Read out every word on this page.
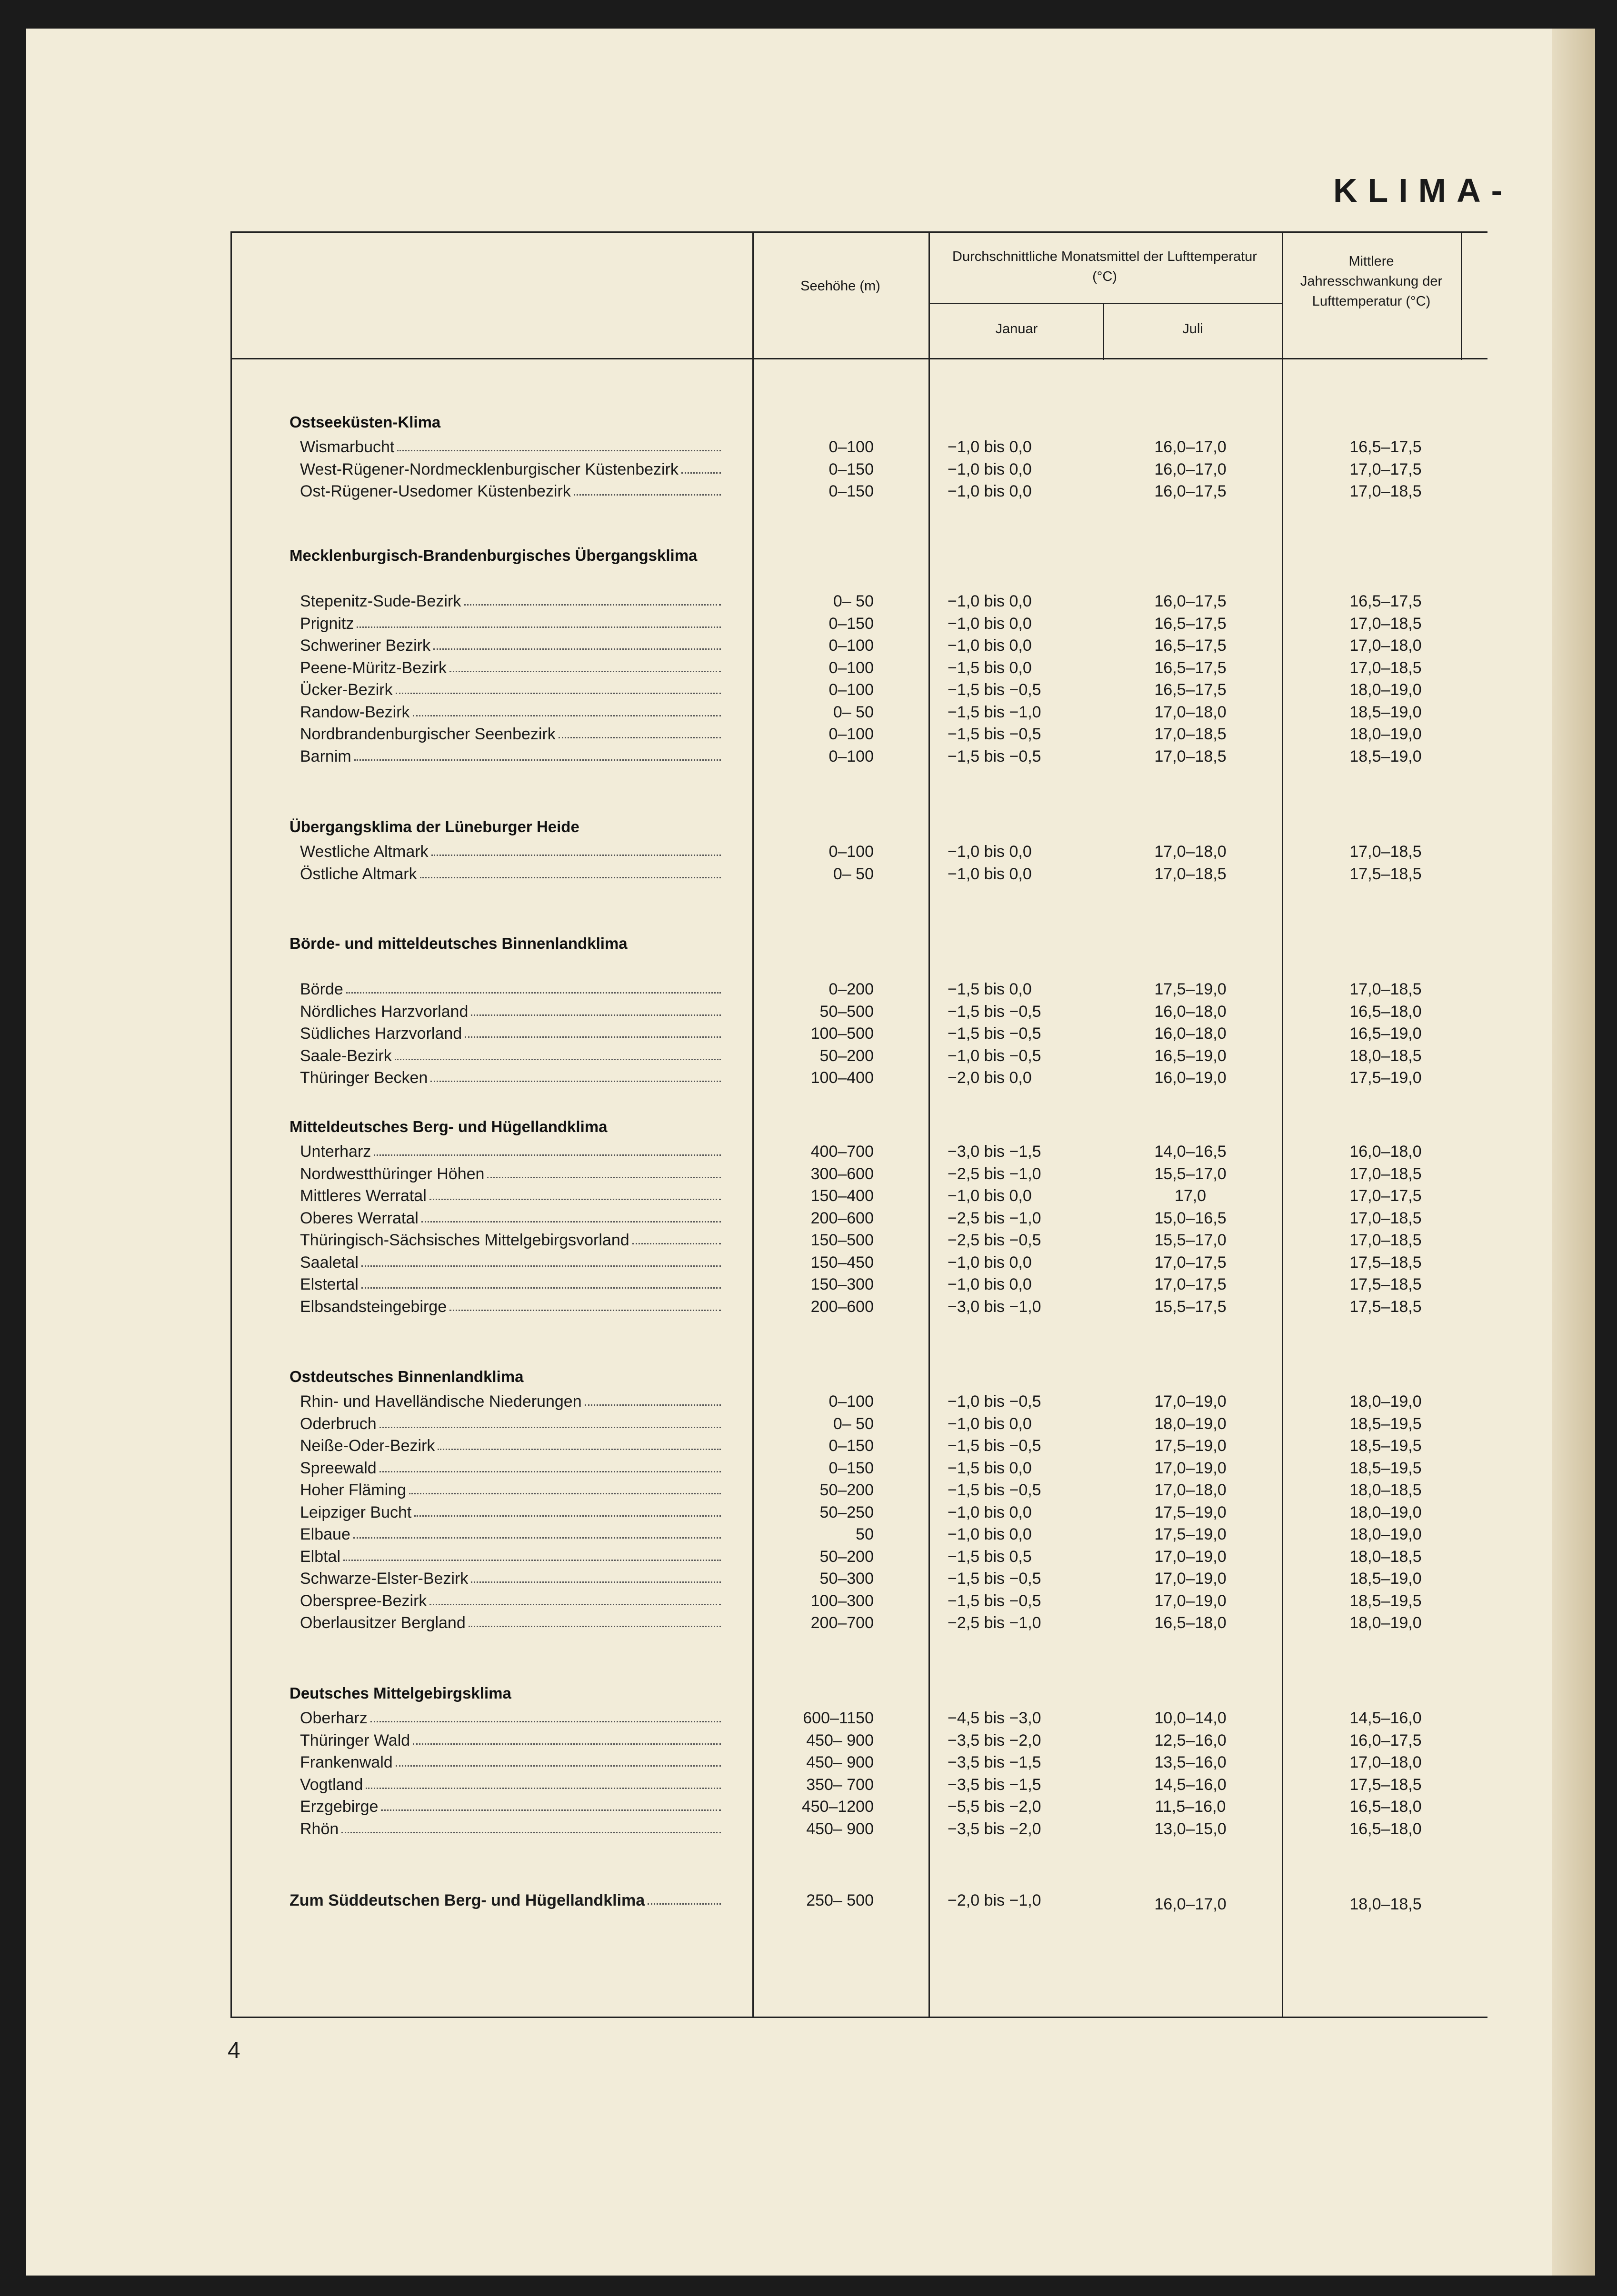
KLIMA-
Seehöhe (m)
Durchschnittliche Monatsmittel der Lufttemperatur (°C)
Januar	Juli
Mittlere Jahresschwankung der Lufttemperatur (°C)
Ostseeküsten-Klima
Wismarbucht	0–100	−1,0 bis 0,0	16,0–17,0	16,5–17,5
West-Rügener-Nordmecklenburgischer Küstenbezirk	0–150	−1,0 bis 0,0	16,0–17,0	17,0–17,5
Ost-Rügener-Usedomer Küstenbezirk	0–150	−1,0 bis 0,0	16,0–17,5	17,0–18,5
Mecklenburgisch-Brandenburgisches Übergangsklima
Stepenitz-Sude-Bezirk	0– 50	−1,0 bis 0,0	16,0–17,5	16,5–17,5
Prignitz	0–150	−1,0 bis 0,0	16,5–17,5	17,0–18,5
Schweriner Bezirk	0–100	−1,0 bis 0,0	16,5–17,5	17,0–18,0
Peene-Müritz-Bezirk	0–100	−1,5 bis 0,0	16,5–17,5	17,0–18,5
Ücker-Bezirk	0–100	−1,5 bis −0,5	16,5–17,5	18,0–19,0
Randow-Bezirk	0– 50	−1,5 bis −1,0	17,0–18,0	18,5–19,0
Nordbrandenburgischer Seenbezirk	0–100	−1,5 bis −0,5	17,0–18,5	18,0–19,0
Barnim	0–100	−1,5 bis −0,5	17,0–18,5	18,5–19,0
Übergangsklima der Lüneburger Heide
Westliche Altmark	0–100	−1,0 bis 0,0	17,0–18,0	17,0–18,5
Östliche Altmark	0– 50	−1,0 bis 0,0	17,0–18,5	17,5–18,5
Börde- und mitteldeutsches Binnenlandklima
Börde	0–200	−1,5 bis 0,0	17,5–19,0	17,0–18,5
Nördliches Harzvorland	50–500	−1,5 bis −0,5	16,0–18,0	16,5–18,0
Südliches Harzvorland	100–500	−1,5 bis −0,5	16,0–18,0	16,5–19,0
Saale-Bezirk	50–200	−1,0 bis −0,5	16,5–19,0	18,0–18,5
Thüringer Becken	100–400	−2,0 bis 0,0	16,0–19,0	17,5–19,0
Mitteldeutsches Berg- und Hügellandklima
Unterharz	400–700	−3,0 bis −1,5	14,0–16,5	16,0–18,0
Nordwestthüringer Höhen	300–600	−2,5 bis −1,0	15,5–17,0	17,0–18,5
Mittleres Werratal	150–400	−1,0 bis 0,0	17,0	17,0–17,5
Oberes Werratal	200–600	−2,5 bis −1,0	15,0–16,5	17,0–18,5
Thüringisch-Sächsisches Mittelgebirgsvorland	150–500	−2,5 bis −0,5	15,5–17,0	17,0–18,5
Saaletal	150–450	−1,0 bis 0,0	17,0–17,5	17,5–18,5
Elstertal	150–300	−1,0 bis 0,0	17,0–17,5	17,5–18,5
Elbsandsteingebirge	200–600	−3,0 bis −1,0	15,5–17,5	17,5–18,5
Ostdeutsches Binnenlandklima
Rhin- und Havelländische Niederungen	0–100	−1,0 bis −0,5	17,0–19,0	18,0–19,0
Oderbruch	0– 50	−1,0 bis 0,0	18,0–19,0	18,5–19,5
Neiße-Oder-Bezirk	0–150	−1,5 bis −0,5	17,5–19,0	18,5–19,5
Spreewald	0–150	−1,5 bis 0,0	17,0–19,0	18,5–19,5
Hoher Fläming	50–200	−1,5 bis −0,5	17,0–18,0	18,0–18,5
Leipziger Bucht	50–250	−1,0 bis 0,0	17,5–19,0	18,0–19,0
Elbaue	50	−1,0 bis 0,0	17,5–19,0	18,0–19,0
Elbtal	50–200	−1,5 bis 0,5	17,0–19,0	18,0–18,5
Schwarze-Elster-Bezirk	50–300	−1,5 bis −0,5	17,0–19,0	18,5–19,0
Oberspree-Bezirk	100–300	−1,5 bis −0,5	17,0–19,0	18,5–19,5
Oberlausitzer Bergland	200–700	−2,5 bis −1,0	16,5–18,0	18,0–19,0
Deutsches Mittelgebirgsklima
Oberharz	600–1150	−4,5 bis −3,0	10,0–14,0	14,5–16,0
Thüringer Wald	450– 900	−3,5 bis −2,0	12,5–16,0	16,0–17,5
Frankenwald	450– 900	−3,5 bis −1,5	13,5–16,0	17,0–18,0
Vogtland	350– 700	−3,5 bis −1,5	14,5–16,0	17,5–18,5
Erzgebirge	450–1200	−5,5 bis −2,0	11,5–16,0	16,5–18,0
Rhön	450– 900	−3,5 bis −2,0	13,0–15,0	16,5–18,0
Zum Süddeutschen Berg- und Hügellandklima	250– 500	−2,0 bis −1,0	16,0–17,0	18,0–18,5
4
